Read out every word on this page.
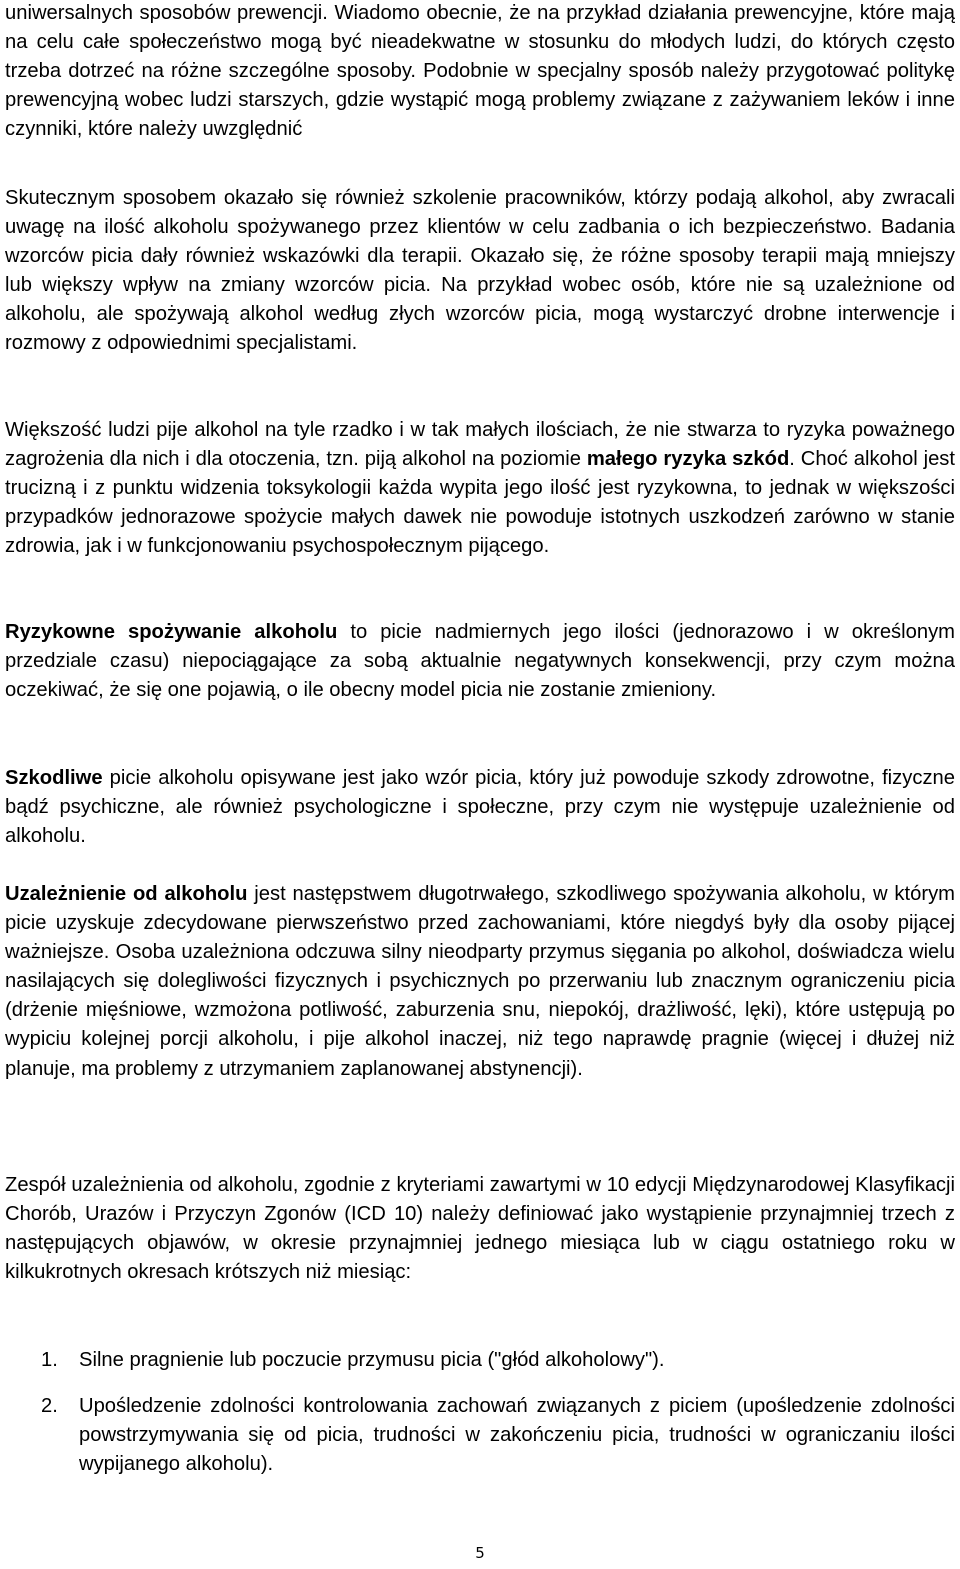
uniwersalnych sposobów prewencji. Wiadomo obecnie, że na przykład działania prewencyjne, które mają na celu całe społeczeństwo mogą być nieadekwatne w stosunku do młodych ludzi, do których często trzeba dotrzeć na różne szczególne sposoby. Podobnie w specjalny sposób należy przygotować politykę prewencyjną wobec ludzi starszych, gdzie wystąpić mogą problemy związane z zażywaniem leków i inne czynniki, które należy uwzględnić

Skutecznym sposobem okazało się również szkolenie pracowników, którzy podają alkohol, aby zwracali uwagę na ilość alkoholu spożywanego przez klientów w celu zadbania o ich bezpieczeństwo. Badania wzorców picia dały również wskazówki dla terapii. Okazało się, że różne sposoby terapii mają mniejszy lub większy wpływ na zmiany wzorców picia. Na przykład wobec osób, które nie są uzależnione od alkoholu, ale spożywają alkohol według złych wzorców picia, mogą wystarczyć drobne interwencje i rozmowy z odpowiednimi specjalistami.

Większość ludzi pije alkohol na tyle rzadko i w tak małych ilościach, że nie stwarza to ryzyka poważnego zagrożenia dla nich i dla otoczenia, tzn. piją alkohol na poziomie małego ryzyka szkód. Choć alkohol jest trucizną i z punktu widzenia toksykologii każda wypita jego ilość jest ryzykowna, to jednak w większości przypadków jednorazowe spożycie małych dawek nie powoduje istotnych uszkodzeń zarówno w stanie zdrowia, jak i w funkcjonowaniu psychospołecznym pijącego.

Ryzykowne spożywanie alkoholu to picie nadmiernych jego ilości (jednorazowo i w określonym przedziale czasu) niepociągające za sobą aktualnie negatywnych konsekwencji, przy czym można oczekiwać, że się one pojawią, o ile obecny model picia nie zostanie zmieniony.

Szkodliwe picie alkoholu opisywane jest jako wzór picia, który już powoduje szkody zdrowotne, fizyczne bądź psychiczne, ale również psychologiczne i społeczne, przy czym nie występuje uzależnienie od alkoholu.

Uzależnienie od alkoholu jest następstwem długotrwałego, szkodliwego spożywania alkoholu, w którym picie uzyskuje zdecydowane pierwszeństwo przed zachowaniami, które niegdyś były dla osoby pijącej ważniejsze. Osoba uzależniona odczuwa silny nieodparty przymus sięgania po alkohol, doświadcza wielu nasilających się dolegliwości fizycznych i psychicznych po przerwaniu lub znacznym ograniczeniu picia (drżenie mięśniowe, wzmożona potliwość, zaburzenia snu, niepokój, drażliwość, lęki), które ustępują po wypiciu kolejnej porcji alkoholu, i pije alkohol inaczej, niż tego naprawdę pragnie (więcej i dłużej niż planuje, ma problemy z utrzymaniem zaplanowanej abstynencji).

Zespół uzależnienia od alkoholu, zgodnie z kryteriami zawartymi w 10 edycji Międzynarodowej Klasyfikacji Chorób, Urazów i Przyczyn Zgonów (ICD 10) należy definiować jako wystąpienie przynajmniej trzech z następujących objawów, w okresie przynajmniej jednego miesiąca lub w ciągu ostatniego roku w kilkukrotnych okresach krótszych niż miesiąc:

1. Silne pragnienie lub poczucie przymusu picia ("głód alkoholowy").
2. Upośledzenie zdolności kontrolowania zachowań związanych z piciem (upośledzenie zdolności powstrzymywania się od picia, trudności w zakończeniu picia, trudności w ograniczaniu ilości wypijanego alkoholu).
5
